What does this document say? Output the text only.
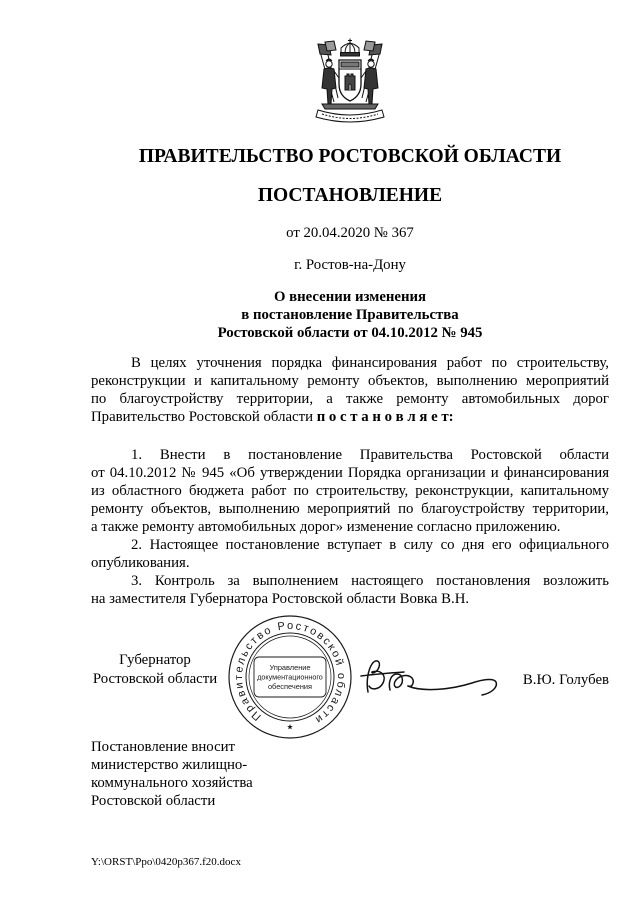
ПРАВИТЕЛЬСТВО РОСТОВСКОЙ ОБЛАСТИ
ПОСТАНОВЛЕНИЕ
от 20.04.2020 № 367
г. Ростов-на-Дону
О внесении изменения
в постановление Правительства
Ростовской области от 04.10.2012 № 945
В целях уточнения порядка финансирования работ по строительству,
реконструкции и капитальному ремонту объектов, выполнению мероприятий
по благоустройству территории, а также ремонту автомобильных дорог
Правительство Ростовской области п о с т а н о в л я е т:
1. Внести в постановление Правительства Ростовской области
от 04.10.2012 № 945 «Об утверждении Порядка организации и финансирования
из областного бюджета работ по строительству, реконструкции, капитальному
ремонту объектов, выполнению мероприятий по благоустройству территории,
а также ремонту автомобильных дорог» изменение согласно приложению.
2. Настоящее постановление вступает в силу со дня его официального
опубликования.
3. Контроль за выполнением настоящего постановления возложить
на заместителя Губернатора Ростовской области Вовка В.Н.
Губернатор
Ростовской области
Правительство Ростовской области
Управление
документационного
обеспечения	В.Ю. Голубев
Постановление вносит
министерство жилищно-
коммунального хозяйства
Ростовской области
Y:\ORST\Ppo\0420p367.f20.docx
